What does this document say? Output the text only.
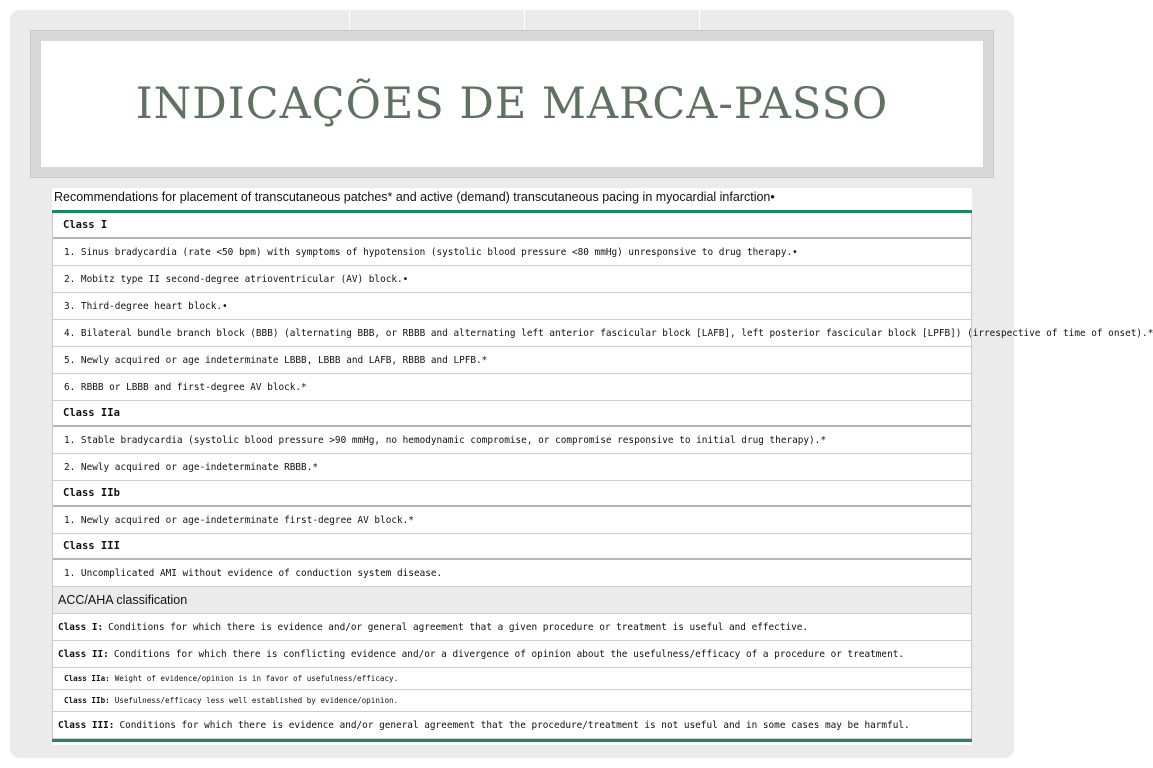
INDICAÇÕES DE MARCA-PASSO
Recommendations for placement of transcutaneous patches* and active (demand) transcutaneous pacing in myocardial infarction•
Class I
1. Sinus bradycardia (rate <50 bpm) with symptoms of hypotension (systolic blood pressure <80 mmHg) unresponsive to drug therapy.•
2. Mobitz type II second-degree atrioventricular (AV) block.•
3. Third-degree heart block.•
4. Bilateral bundle branch block (BBB) (alternating BBB, or RBBB and alternating left anterior fascicular block [LAFB], left posterior fascicular block [LPFB]) (irrespective of time of onset).*
5. Newly acquired or age indeterminate LBBB, LBBB and LAFB, RBBB and LPFB.*
6. RBBB or LBBB and first-degree AV block.*
Class IIa
1. Stable bradycardia (systolic blood pressure >90 mmHg, no hemodynamic compromise, or compromise responsive to initial drug therapy).*
2. Newly acquired or age-indeterminate RBBB.*
Class IIb
1. Newly acquired or age-indeterminate first-degree AV block.*
Class III
1. Uncomplicated AMI without evidence of conduction system disease.
ACC/AHA classification
Class I: Conditions for which there is evidence and/or general agreement that a given procedure or treatment is useful and effective.
Class II: Conditions for which there is conflicting evidence and/or a divergence of opinion about the usefulness/efficacy of a procedure or treatment.
Class IIa: Weight of evidence/opinion is in favor of usefulness/efficacy.
Class IIb: Usefulness/efficacy less well established by evidence/opinion.
Class III: Conditions for which there is evidence and/or general agreement that the procedure/treatment is not useful and in some cases may be harmful.
